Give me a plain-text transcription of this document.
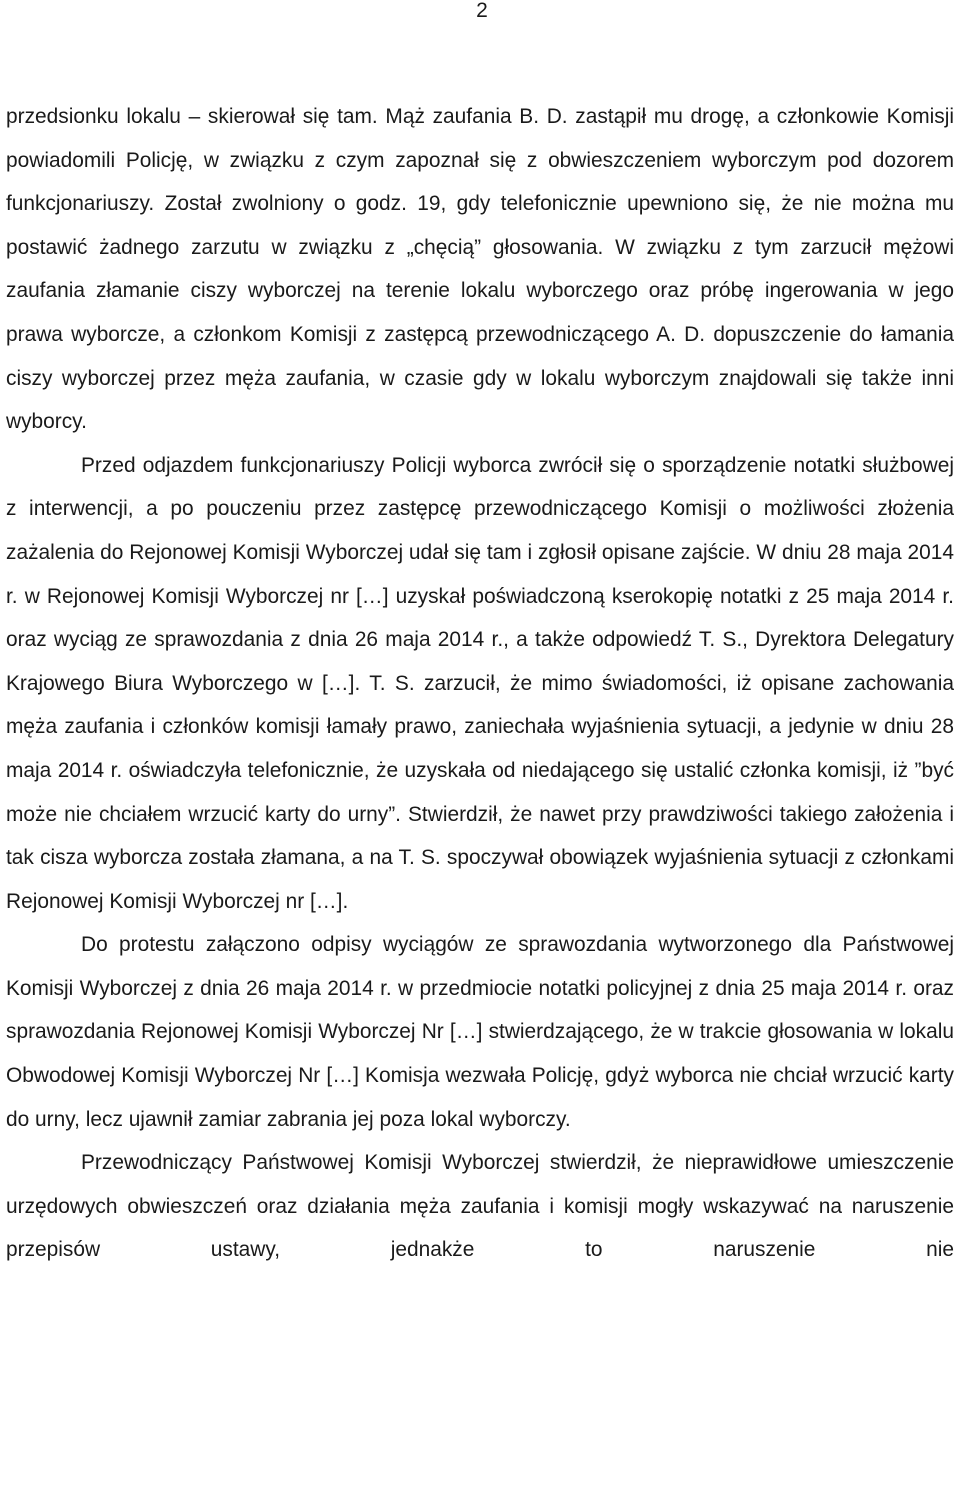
2

przedsionku lokalu – skierował się tam. Mąż zaufania B. D. zastąpił mu drogę, a członkowie Komisji powiadomili Policję, w związku z czym zapoznał się z obwieszczeniem wyborczym pod dozorem funkcjonariuszy. Został zwolniony o godz. 19, gdy telefonicznie upewniono się, że nie można mu postawić żadnego zarzutu w związku z „chęcią” głosowania. W związku z tym zarzucił mężowi zaufania złamanie ciszy wyborczej na terenie lokalu wyborczego oraz próbę ingerowania w jego prawa wyborcze, a członkom Komisji z zastępcą przewodniczącego A. D. dopuszczenie do łamania ciszy wyborczej przez męża zaufania, w czasie gdy w lokalu wyborczym znajdowali się także inni wyborcy.

Przed odjazdem funkcjonariuszy Policji wyborca zwrócił się o sporządzenie notatki służbowej z interwencji, a po pouczeniu przez zastępcę przewodniczącego Komisji o możliwości złożenia zażalenia do Rejonowej Komisji Wyborczej udał się tam i zgłosił opisane zajście. W dniu 28 maja 2014 r. w Rejonowej Komisji Wyborczej nr […] uzyskał poświadczoną kserokopię notatki z 25 maja 2014 r. oraz wyciąg ze sprawozdania z dnia 26 maja 2014 r., a także odpowiedź T. S., Dyrektora Delegatury Krajowego Biura Wyborczego w […]. T. S. zarzucił, że mimo świadomości, iż opisane zachowania męża zaufania i członków komisji łamały prawo, zaniechała wyjaśnienia sytuacji, a jedynie w dniu 28 maja 2014 r. oświadczyła telefonicznie, że uzyskała od niedającego się ustalić członka komisji, iż ”być może nie chciałem wrzucić karty do urny”. Stwierdził, że nawet przy prawdziwości takiego założenia i tak cisza wyborcza została złamana, a na T. S. spoczywał obowiązek wyjaśnienia sytuacji z członkami Rejonowej Komisji Wyborczej nr […].

Do protestu załączono odpisy wyciągów ze sprawozdania wytworzonego dla Państwowej Komisji Wyborczej z dnia 26 maja 2014 r. w przedmiocie notatki policyjnej z dnia 25 maja 2014 r. oraz sprawozdania Rejonowej Komisji Wyborczej Nr […] stwierdzającego, że w trakcie głosowania w lokalu Obwodowej Komisji Wyborczej Nr […] Komisja wezwała Policję, gdyż wyborca nie chciał wrzucić karty do urny, lecz ujawnił zamiar zabrania jej poza lokal wyborczy.

Przewodniczący Państwowej Komisji Wyborczej stwierdził, że nieprawidłowe umieszczenie urzędowych obwieszczeń oraz działania męża zaufania i komisji mogły wskazywać na naruszenie przepisów ustawy, jednakże to naruszenie nie
